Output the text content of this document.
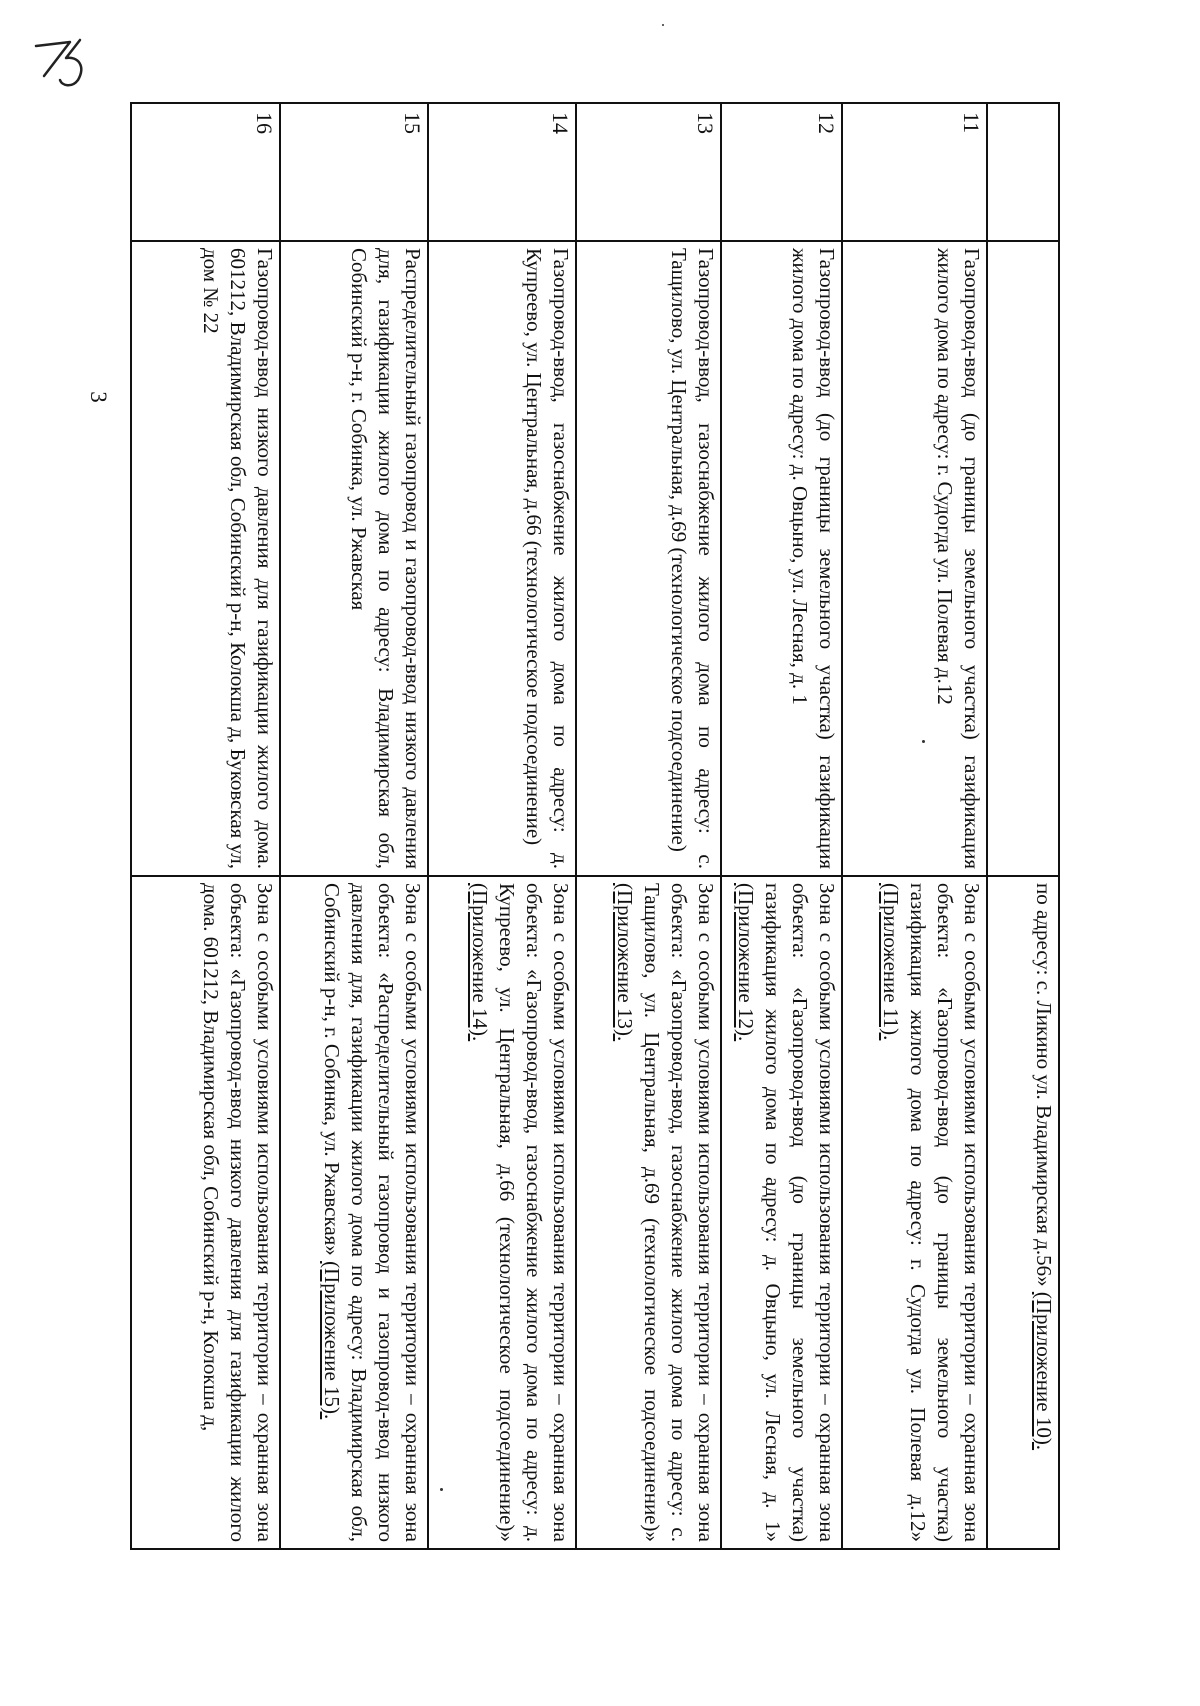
3
		по адресу: с. Ликино ул. Владимирская д.56» (Приложение 10).
11	Газопровод-ввод (до границы земельного участка) газификация жилого дома по адресу: г. Судогда ул. Полевая д.12	Зона с особыми условиями использования территории – охранная зона объекта: «Газопровод-ввод (до границы земельного участка) газификация жилого дома по адресу: г. Судогда ул. Полевая д.12» (Приложение 11).
12	Газопровод-ввод (до границы земельного участка) газификация жилого дома по адресу: д. Овцыно, ул. Лесная, д. 1	Зона с особыми условиями использования территории – охранная зона объекта: «Газопровод-ввод (до границы земельного участка) газификация жилого дома по адресу: д. Овцыно, ул. Лесная, д. 1» (Приложение 12).
13	Газопровод-ввод, газоснабжение жилого дома по адресу: с. Тащилово, ул. Центральная, д.69 (технологическое подсоединение)	Зона с особыми условиями использования территории – охранная зона объекта: «Газопровод-ввод, газоснабжение жилого дома по адресу: с. Тащилово, ул. Центральная, д.69 (технологическое подсоединение)» (Приложение 13).
14	Газопровод-ввод, газоснабжение жилого дома по адресу: д. Купреево, ул. Центральная, д.66 (технологическое подсоединение)	Зона с особыми условиями использования территории – охранная зона объекта: «Газопровод-ввод, газоснабжение жилого дома по адресу: д. Купреево, ул. Центральная, д.66 (технологическое подсоединение)» (Приложение 14).
15	Распределительный газопровод и газопровод-ввод низкого давления для, газификации жилого дома по адресу: Владимирская обл, Собинский р-н, г. Собинка, ул. Ржавская	Зона с особыми условиями использования территории – охранная зона объекта: «Распределительный газопровод и газопровод-ввод низкого давления для, газификации жилого дома по адресу: Владимирская обл, Собинский р-н, г. Собинка, ул. Ржавская» (Приложение 15).
16	Газопровод-ввод низкого давления для газификации жилого дома. 601212, Владимирская обл, Собинский р-н, Колокша д, Буковская ул, дом № 22	Зона с особыми условиями использования территории – охранная зона объекта: «Газопровод-ввод низкого давления для газификации жилого дома. 601212, Владимирская обл, Собинский р-н, Колокша д,
